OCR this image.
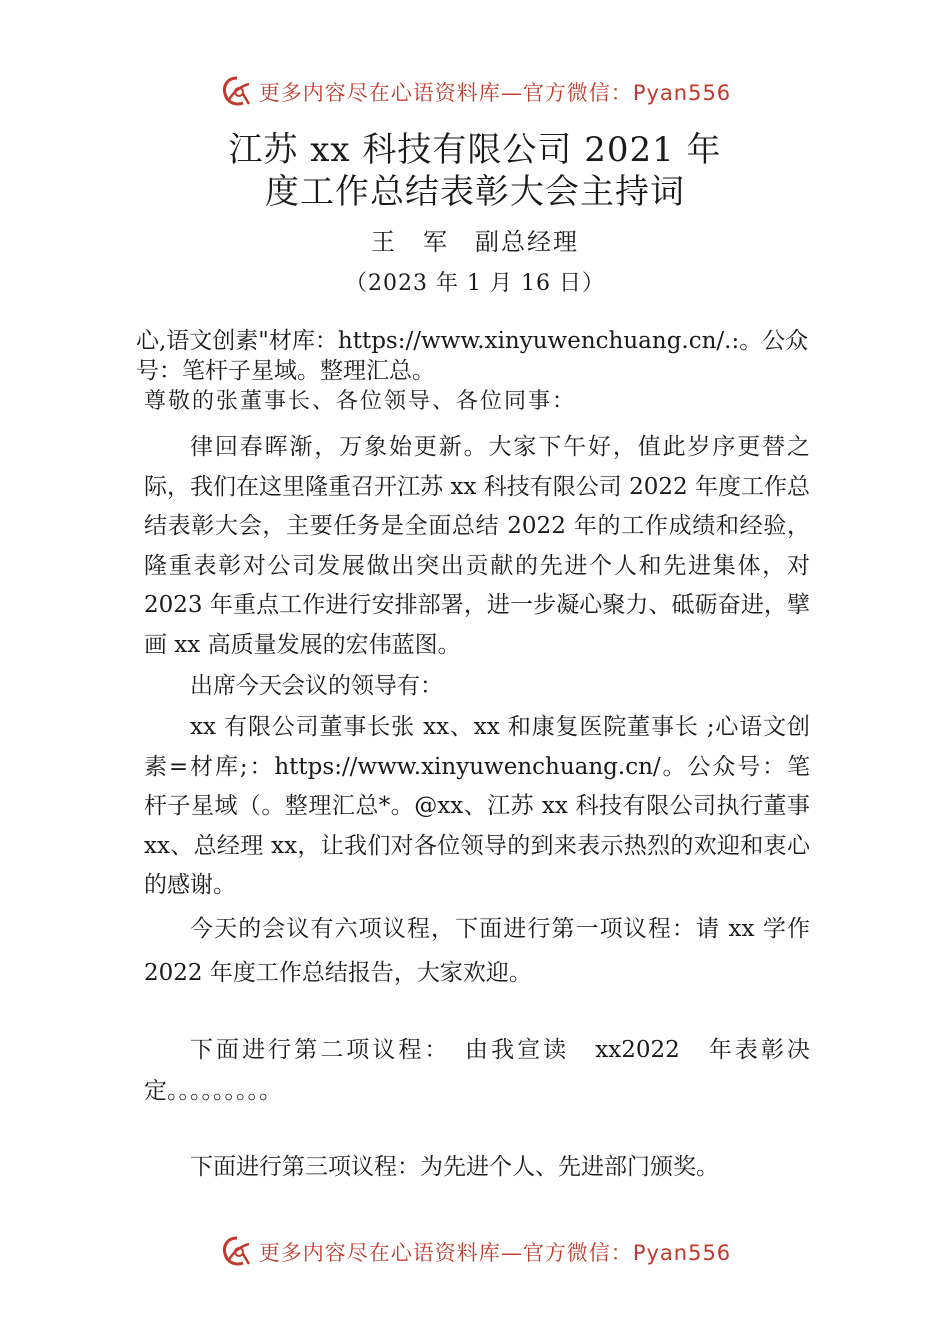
更多内容尽在心语资料库—官方微信：Pyan556
江苏 xx 科技有限公司 2021 年
度工作总结表彰大会主持词
王　军　副总经理
（2023 年 1 月 16 日）
心,语文创素"材库：https://www.xinyuwenchuang.cn/.:。公众号：笔杆子星域。整理汇总。
尊敬的张董事长、各位领导、各位同事：

律回春晖渐，万象始更新。大家下午好，值此岁序更替之际，我们在这里隆重召开江苏 xx 科技有限公司 2022 年度工作总结表彰大会，主要任务是全面总结 2022 年的工作成绩和经验，隆重表彰对公司发展做出突出贡献的先进个人和先进集体，对 2023 年重点工作进行安排部署，进一步凝心聚力、砥砺奋进，擘画 xx 高质量发展的宏伟蓝图。

出席今天会议的领导有：

xx 有限公司董事长张 xx、xx 和康复医院董事长 ;心语文创素=材库;：https://www.xinyuwenchuang.cn/。公众号：笔杆子星域（。整理汇总*。@xx、江苏 xx 科技有限公司执行董事 xx、总经理 xx，让我们对各位领导的到来表示热烈的欢迎和衷心的感谢。

今天的会议有六项议程，下面进行第一项议程：请 xx 学作 2022 年度工作总结报告，大家欢迎。

下面进行第二项议程：　由我宣读　xx2022　年表彰决定。。。。。。。。。

下面进行第三项议程：为先进个人、先进部门颁奖。

更多内容尽在心语资料库—官方微信：Pyan556
